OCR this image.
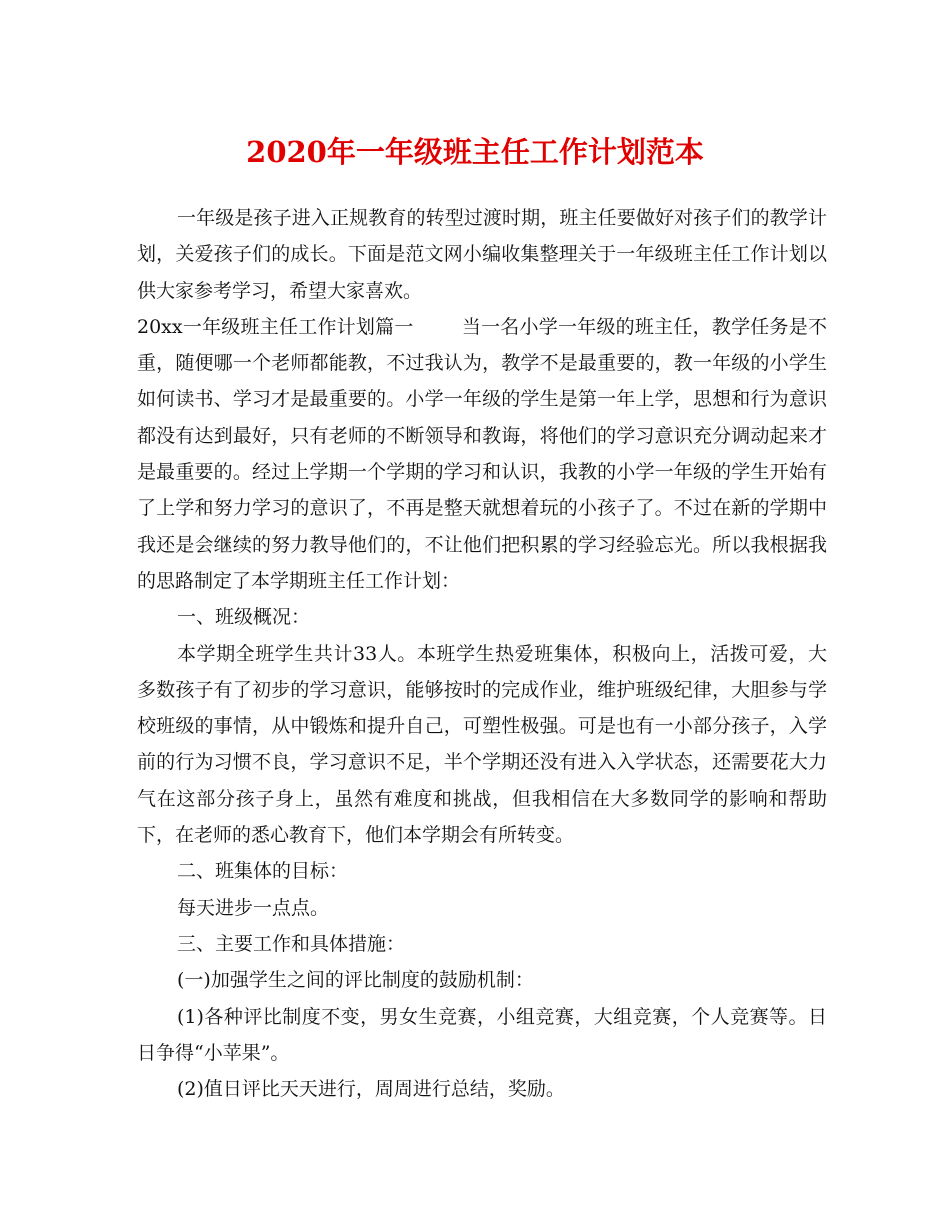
2020年一年级班主任工作计划范本

一年级是孩子进入正规教育的转型过渡时期，班主任要做好对孩子们的教学计划，关爱孩子们的成长。下面是范文网小编收集整理关于一年级班主任工作计划以供大家参考学习，希望大家喜欢。

20xx一年级班主任工作计划篇一	当一名小学一年级的班主任，教学任务是不重，随便哪一个老师都能教，不过我认为，教学不是最重要的，教一年级的小学生如何读书、学习才是最重要的。小学一年级的学生是第一年上学，思想和行为意识都没有达到最好，只有老师的不断领导和教诲，将他们的学习意识充分调动起来才是最重要的。经过上学期一个学期的学习和认识，我教的小学一年级的学生开始有了上学和努力学习的意识了，不再是整天就想着玩的小孩子了。不过在新的学期中我还是会继续的努力教导他们的，不让他们把积累的学习经验忘光。所以我根据我的思路制定了本学期班主任工作计划：

一、班级概况：

本学期全班学生共计33人。本班学生热爱班集体，积极向上，活拨可爱，大多数孩子有了初步的学习意识，能够按时的完成作业，维护班级纪律，大胆参与学校班级的事情，从中锻炼和提升自己，可塑性极强。可是也有一小部分孩子，入学前的行为习惯不良，学习意识不足，半个学期还没有进入入学状态，还需要花大力气在这部分孩子身上，虽然有难度和挑战，但我相信在大多数同学的影响和帮助下，在老师的悉心教育下，他们本学期会有所转变。

二、班集体的目标：

每天进步一点点。

三、主要工作和具体措施：

(一)加强学生之间的评比制度的鼓励机制：

(1)各种评比制度不变，男女生竞赛，小组竞赛，大组竞赛，个人竞赛等。日日争得“小苹果”。

(2)值日评比天天进行，周周进行总结，奖励。
